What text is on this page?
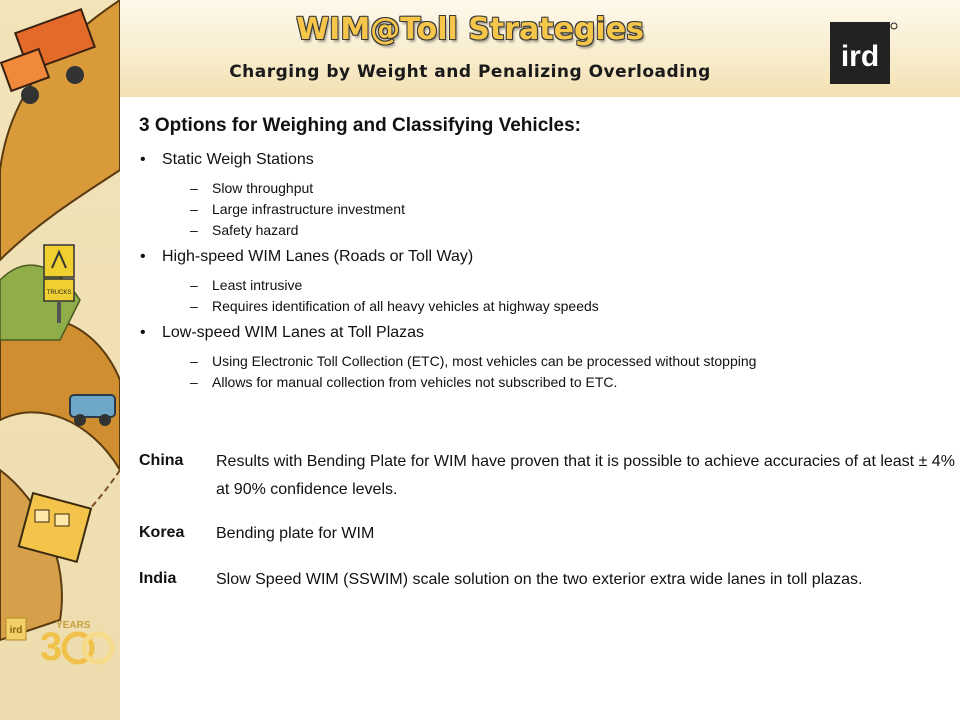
TRUCKS
ird 3
YEARS
WIM@Toll Strategies
Charging by Weight and Penalizing Overloading	ird
3 Options for Weighing and Classifying Vehicles:
• Static Weigh Stations
– Slow throughput
– Large infrastructure investment
– Safety hazard
• High-speed WIM Lanes (Roads or Toll Way)
– Least intrusive
– Requires identification of all heavy vehicles at highway speeds
• Low-speed WIM Lanes at Toll Plazas
– Using Electronic Toll Collection (ETC), most vehicles can be processed without stopping
– Allows for manual collection from vehicles not subscribed to ETC.
China Results with Bending Plate for WIM have proven that it is possible to achieve accuracies of at least ± 4% at 90% confidence levels.
Korea Bending plate for WIM
India Slow Speed WIM (SSWIM) scale solution on the two exterior extra wide lanes in toll plazas.
